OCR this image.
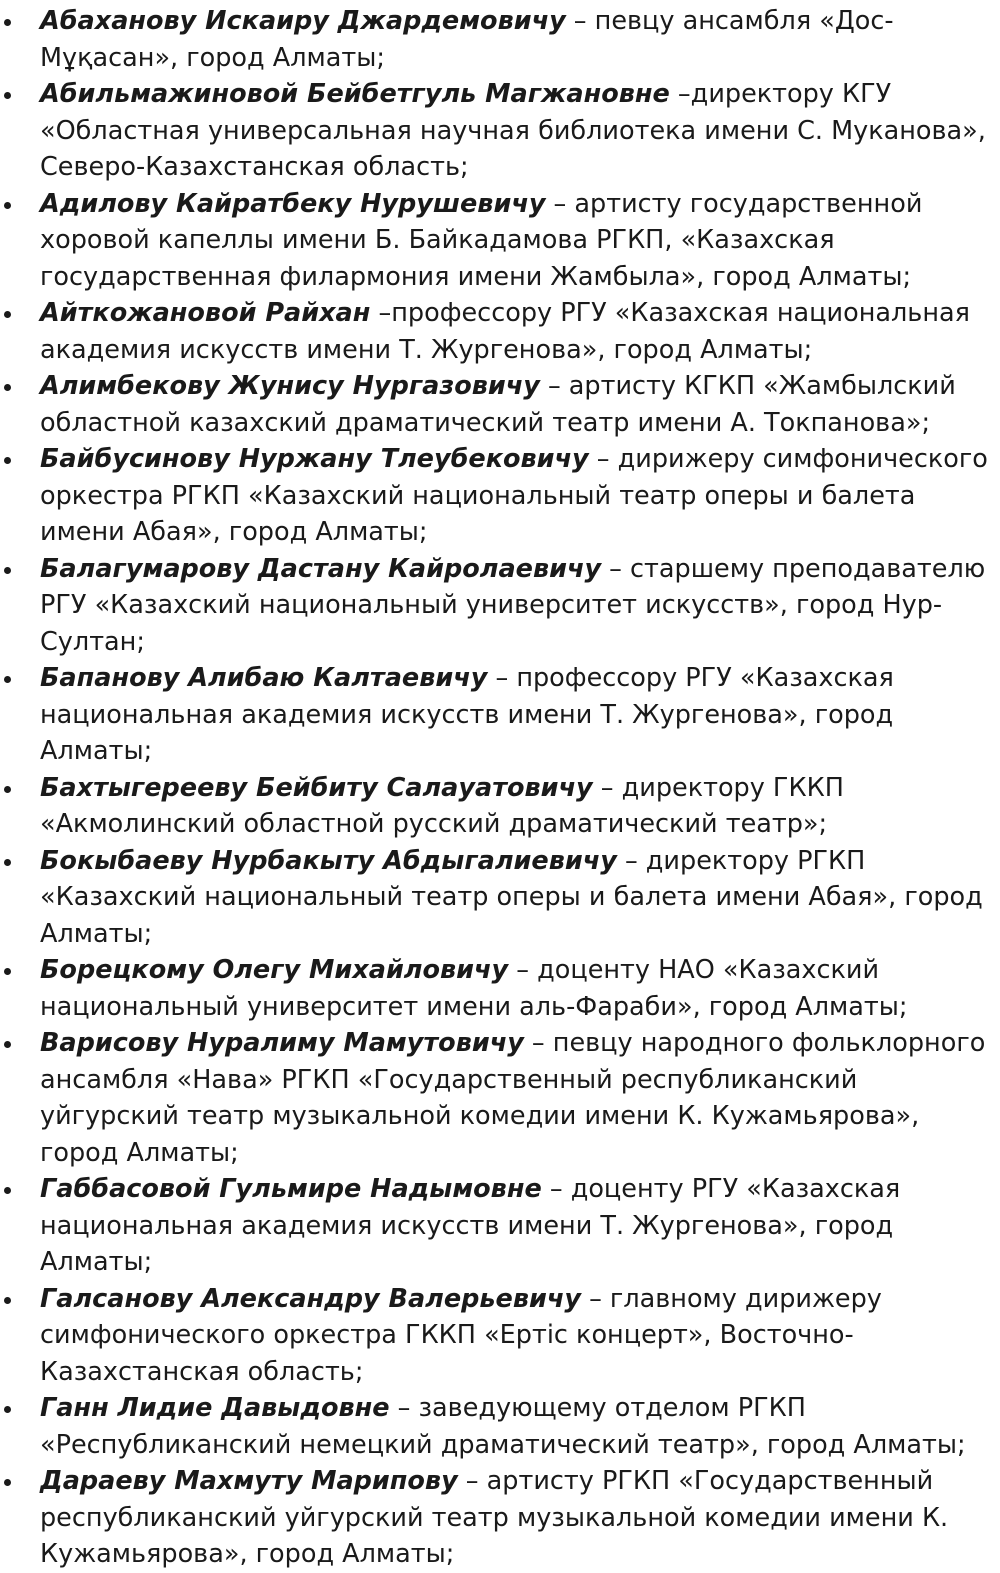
Абаханову Искаиру Джардемовичу – певцу ансамбля «Дос-Мұқасан», город Алматы;
Абильмажиновой Бейбетгуль Магжановне –директору КГУ «Областная универсальная научная библиотека имени С. Муканова», Северо-Казахстанская область;
Адилову Кайратбеку Нурушевичу – артисту государственной хоровой капеллы имени Б. Байкадамова РГКП, «Казахская государственная филармония имени Жамбыла», город Алматы;
Айткожановой Райхан –профессору РГУ «Казахская национальная академия искусств имени Т. Жургенова», город Алматы;
Алимбекову Жунису Нургазовичу – артисту КГКП «Жамбылский областной казахский драматический театр имени А. Токпанова»;
Байбусинову Нуржану Тлеубековичу – дирижеру симфонического оркестра РГКП «Казахский национальный театр оперы и балета имени Абая», город Алматы;
Балагумарову Дастану Кайролаевичу – старшему преподавателю РГУ «Казахский национальный университет искусств», город Нур-Султан;
Бапанову Алибаю Калтаевичу – профессору РГУ «Казахская национальная академия искусств имени Т. Жургенова», город Алматы;
Бахтыгерееву Бейбиту Салауатовичу – директору ГККП «Акмолинский областной русский драматический театр»;
Бокыбаеву Нурбакыту Абдыгалиевичу – директору РГКП «Казахский национальный театр оперы и балета имени Абая», город Алматы;
Борецкому Олегу Михайловичу – доценту НАО «Казахский национальный университет имени аль-Фараби», город Алматы;
Варисову Нуралиму Мамутовичу – певцу народного фольклорного ансамбля «Нава» РГКП «Государственный республиканский уйгурский театр музыкальной комедии имени К. Кужамьярова», город Алматы;
Габбасовой Гульмире Надымовне – доценту РГУ «Казахская национальная академия искусств имени Т. Жургенова», город Алматы;
Галсанову Александру Валерьевичу – главному дирижеру симфонического оркестра ГККП «Ертіс концерт», Восточно-Казахстанская область;
Ганн Лидие Давыдовне – заведующему отделом РГКП «Республиканский немецкий драматический театр», город Алматы;
Дараеву Махмуту Марипову – артисту РГКП «Государственный республиканский уйгурский театр музыкальной комедии имени К. Кужамьярова», город Алматы;
